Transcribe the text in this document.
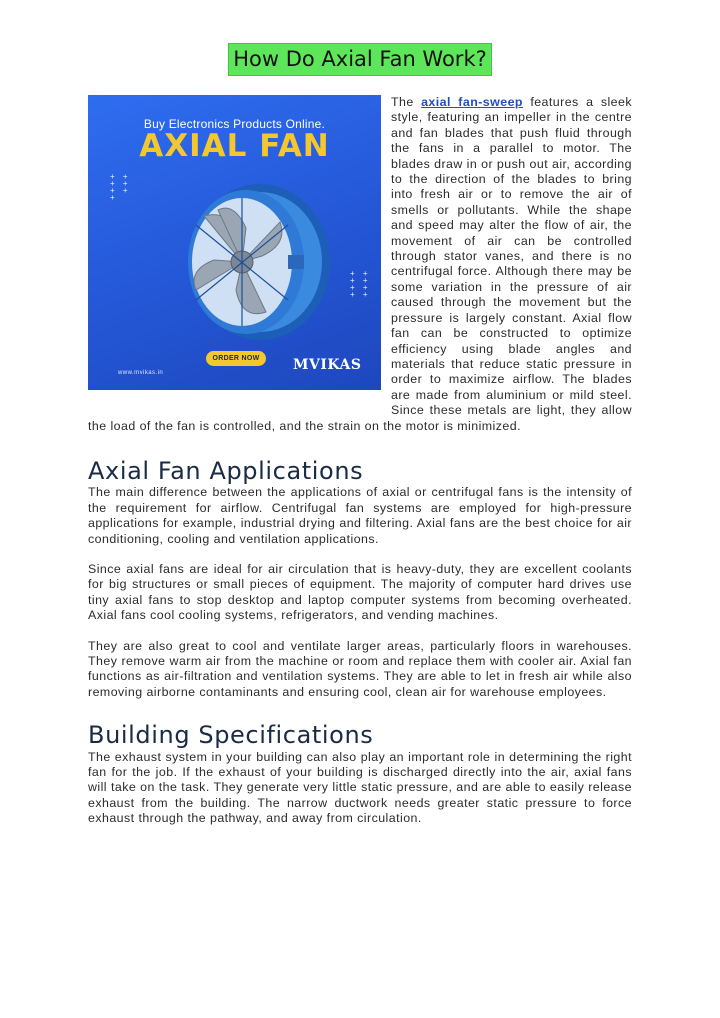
How Do Axial Fan Work?
Buy Electronics Products Online.
AXIAL FAN
+ +
+ +
+ +
+
+ +
+ +
+ +
+ +
ORDER NOW
www.mvikas.in	MVIKAS

The axial fan-sweep features a sleek style, featuring an impeller in the centre and fan blades that push fluid through the fans in a parallel to motor. The blades draw in or push out air, according to the direction of the blades to bring into fresh air or to remove the air of smells or pollutants. While the shape and speed may alter the flow of air, the movement of air can be controlled through stator vanes, and there is no centrifugal force. Although there may be some variation in the pressure of air caused through the movement but the pressure is largely constant. Axial flow fan can be constructed to optimize efficiency using blade angles and materials that reduce static pressure in order to maximize airflow. The blades are made from aluminium or mild steel. Since these metals are light, they allow the load of the fan is controlled, and the strain on the motor is minimized.

Axial Fan Applications

The main difference between the applications of axial or centrifugal fans is the intensity of the requirement for airflow. Centrifugal fan systems are employed for high-pressure applications for example, industrial drying and filtering. Axial fans are the best choice for air conditioning, cooling and ventilation applications.

Since axial fans are ideal for air circulation that is heavy-duty, they are excellent coolants for big structures or small pieces of equipment. The majority of computer hard drives use tiny axial fans to stop desktop and laptop computer systems from becoming overheated. Axial fans cool cooling systems, refrigerators, and vending machines.

They are also great to cool and ventilate larger areas, particularly floors in warehouses. They remove warm air from the machine or room and replace them with cooler air. Axial fan functions as air-filtration and ventilation systems. They are able to let in fresh air while also removing airborne contaminants and ensuring cool, clean air for warehouse employees.

Building Specifications

The exhaust system in your building can also play an important role in determining the right fan for the job. If the exhaust of your building is discharged directly into the air, axial fans will take on the task. They generate very little static pressure, and are able to easily release exhaust from the building. The narrow ductwork needs greater static pressure to force exhaust through the pathway, and away from circulation.
